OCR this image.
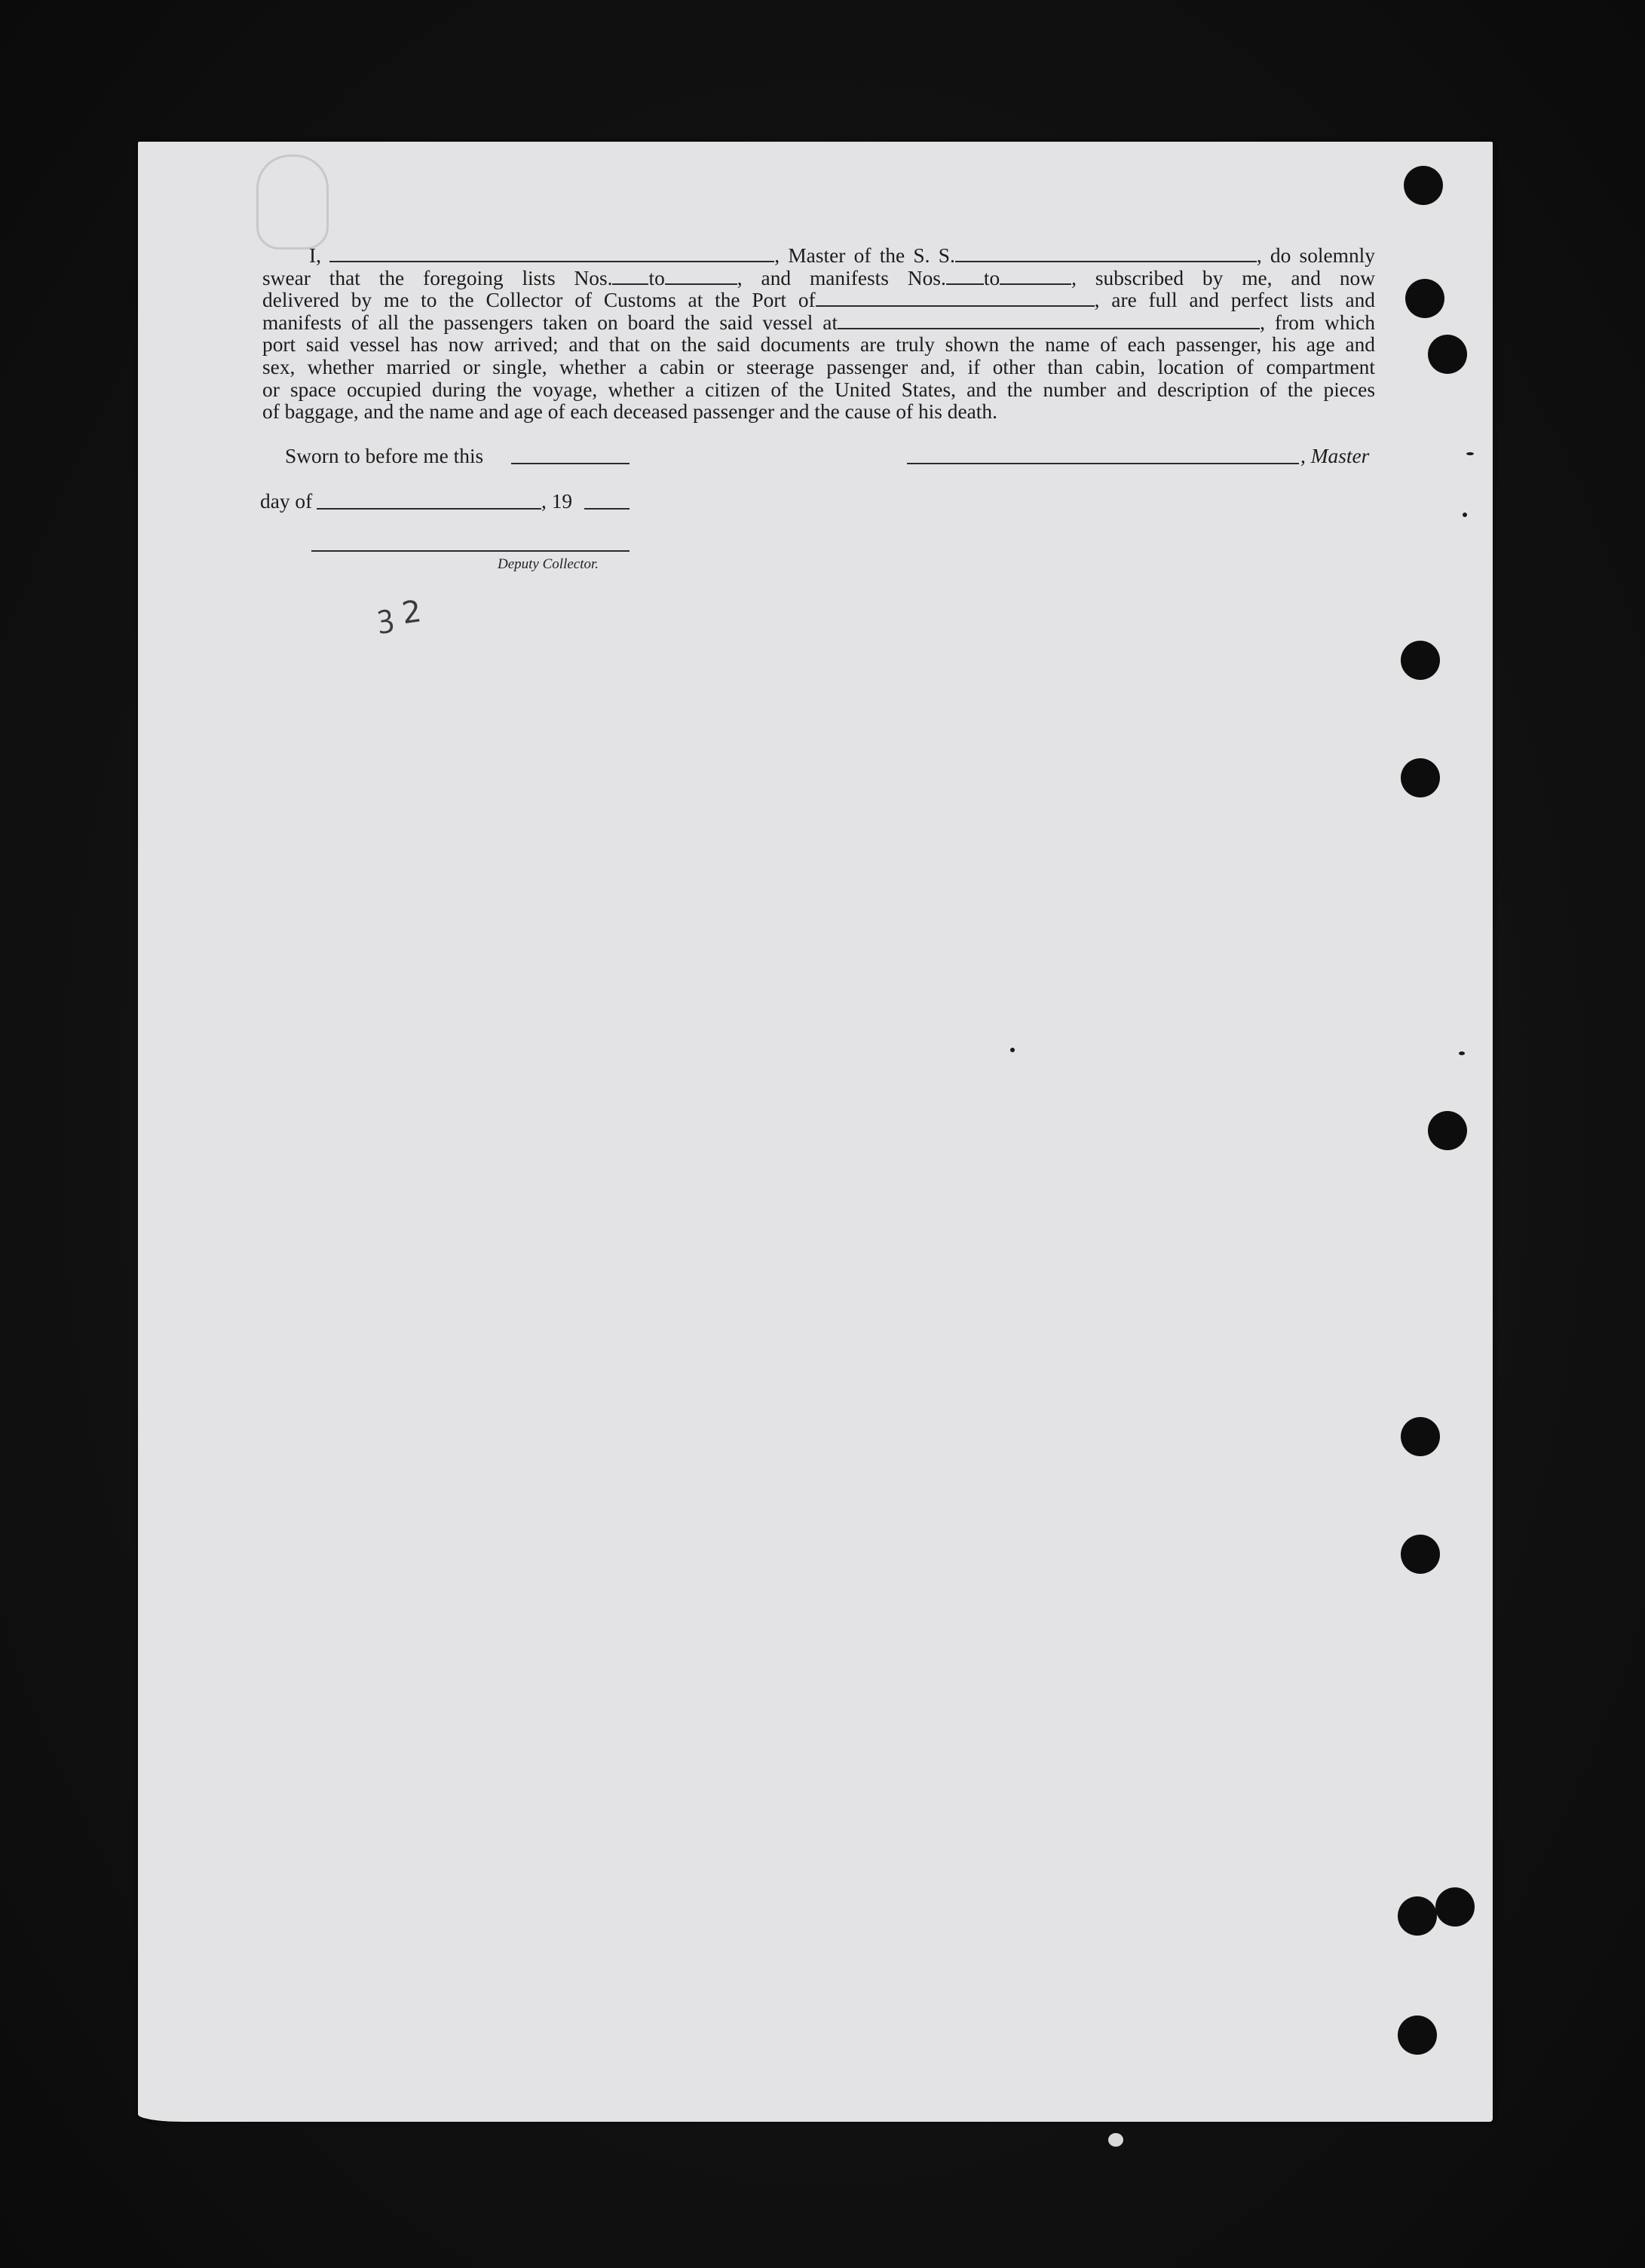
I,	, Master of the S. S.	, do solemnly
swear that the foregoing lists Nos. to	, and manifests Nos. to	, subscribed by me, and now
delivered by me to the Collector of Customs at the Port of	, are full and perfect lists and
manifests of all the passengers taken on board the said vessel at	, from which
port said vessel has now arrived; and that on the said documents are truly shown the name of each passenger, his age and
sex, whether married or single, whether a cabin or steerage passenger and, if other than cabin, location of compartment
or space occupied during the voyage, whether a citizen of the United States, and the number and description of the pieces
of baggage, and the name and age of each deceased passenger and the cause of his death.
Sworn to before me this	, Master
day of	, 19
Deputy Collector.
ꝫ 2
